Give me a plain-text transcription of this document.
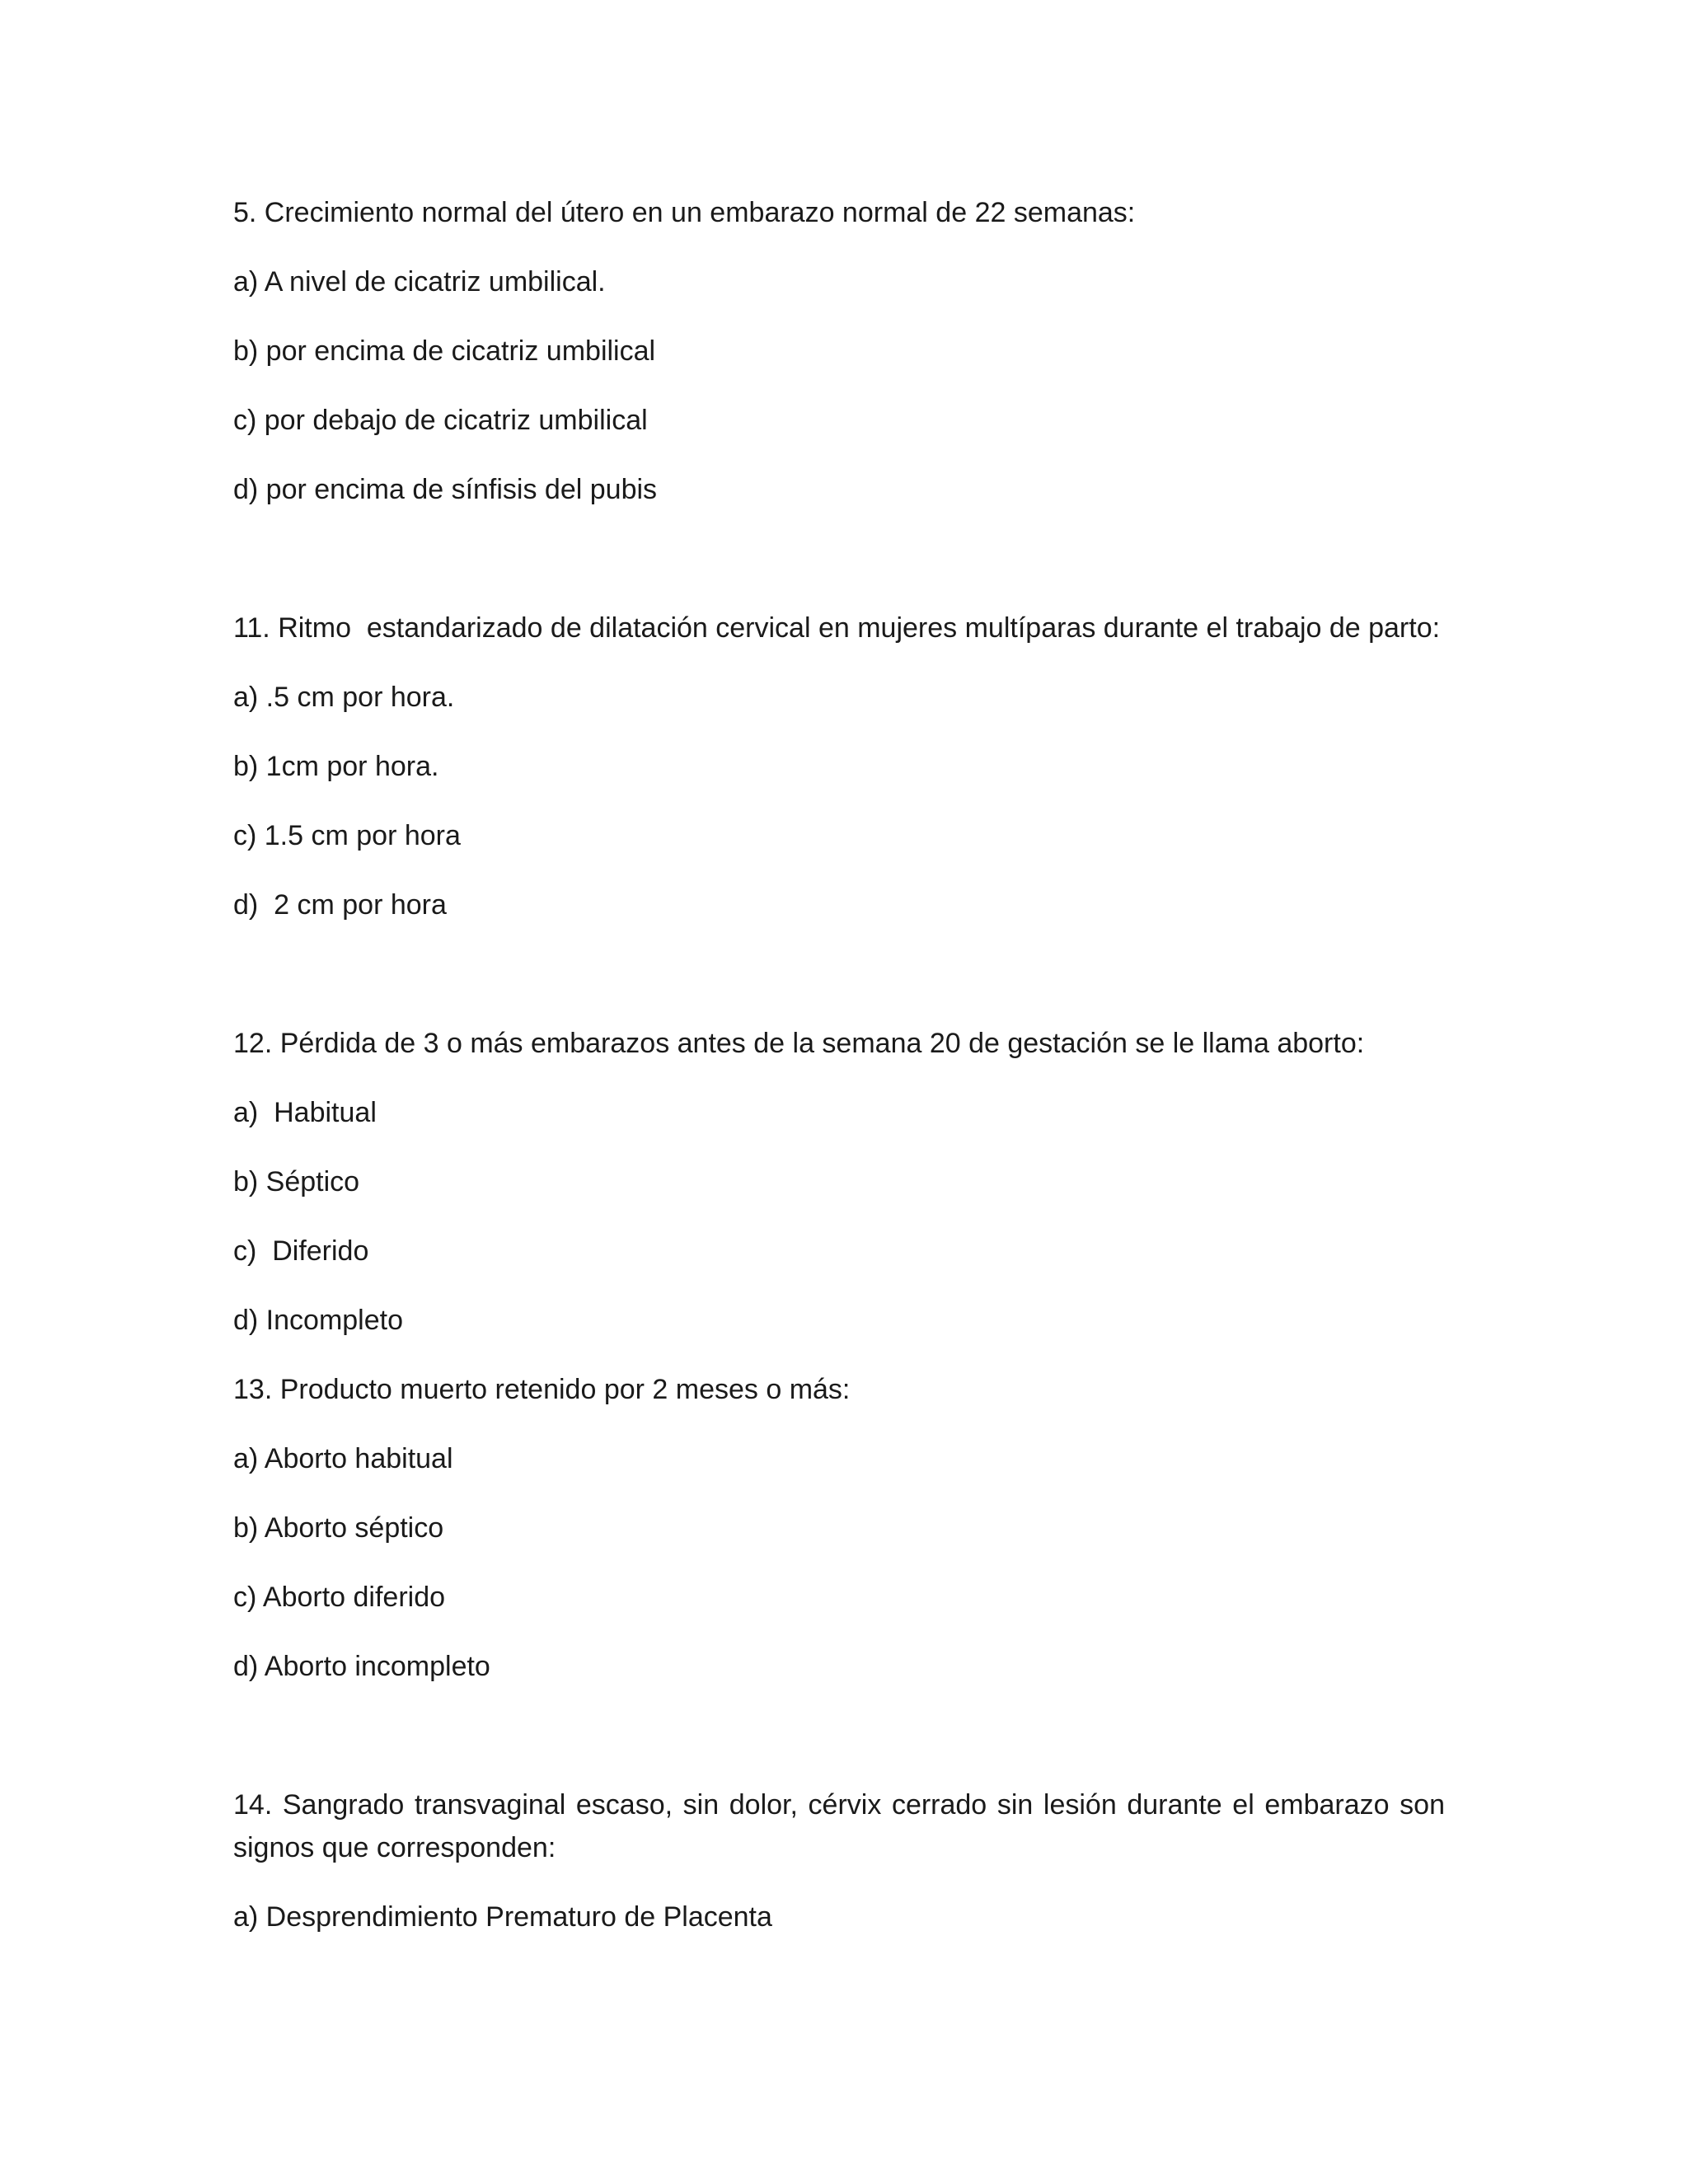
5. Crecimiento normal del útero en un embarazo normal de 22 semanas:
a) A nivel de cicatriz umbilical.
b) por encima de cicatriz umbilical
c) por debajo de cicatriz umbilical
d) por encima de sínfisis del pubis
11. Ritmo  estandarizado de dilatación cervical en mujeres multíparas durante el trabajo de parto:
a) .5 cm por hora.
b) 1cm por hora.
c) 1.5 cm por hora
d)  2 cm por hora
12. Pérdida de 3 o más embarazos antes de la semana 20 de gestación se le llama aborto:
a)  Habitual
b) Séptico
c)  Diferido
d) Incompleto
13. Producto muerto retenido por 2 meses o más:
a) Aborto habitual
b) Aborto séptico
c) Aborto diferido
d) Aborto incompleto
14. Sangrado transvaginal escaso, sin dolor, cérvix cerrado sin lesión durante el embarazo son signos que corresponden:
a) Desprendimiento Prematuro de Placenta
